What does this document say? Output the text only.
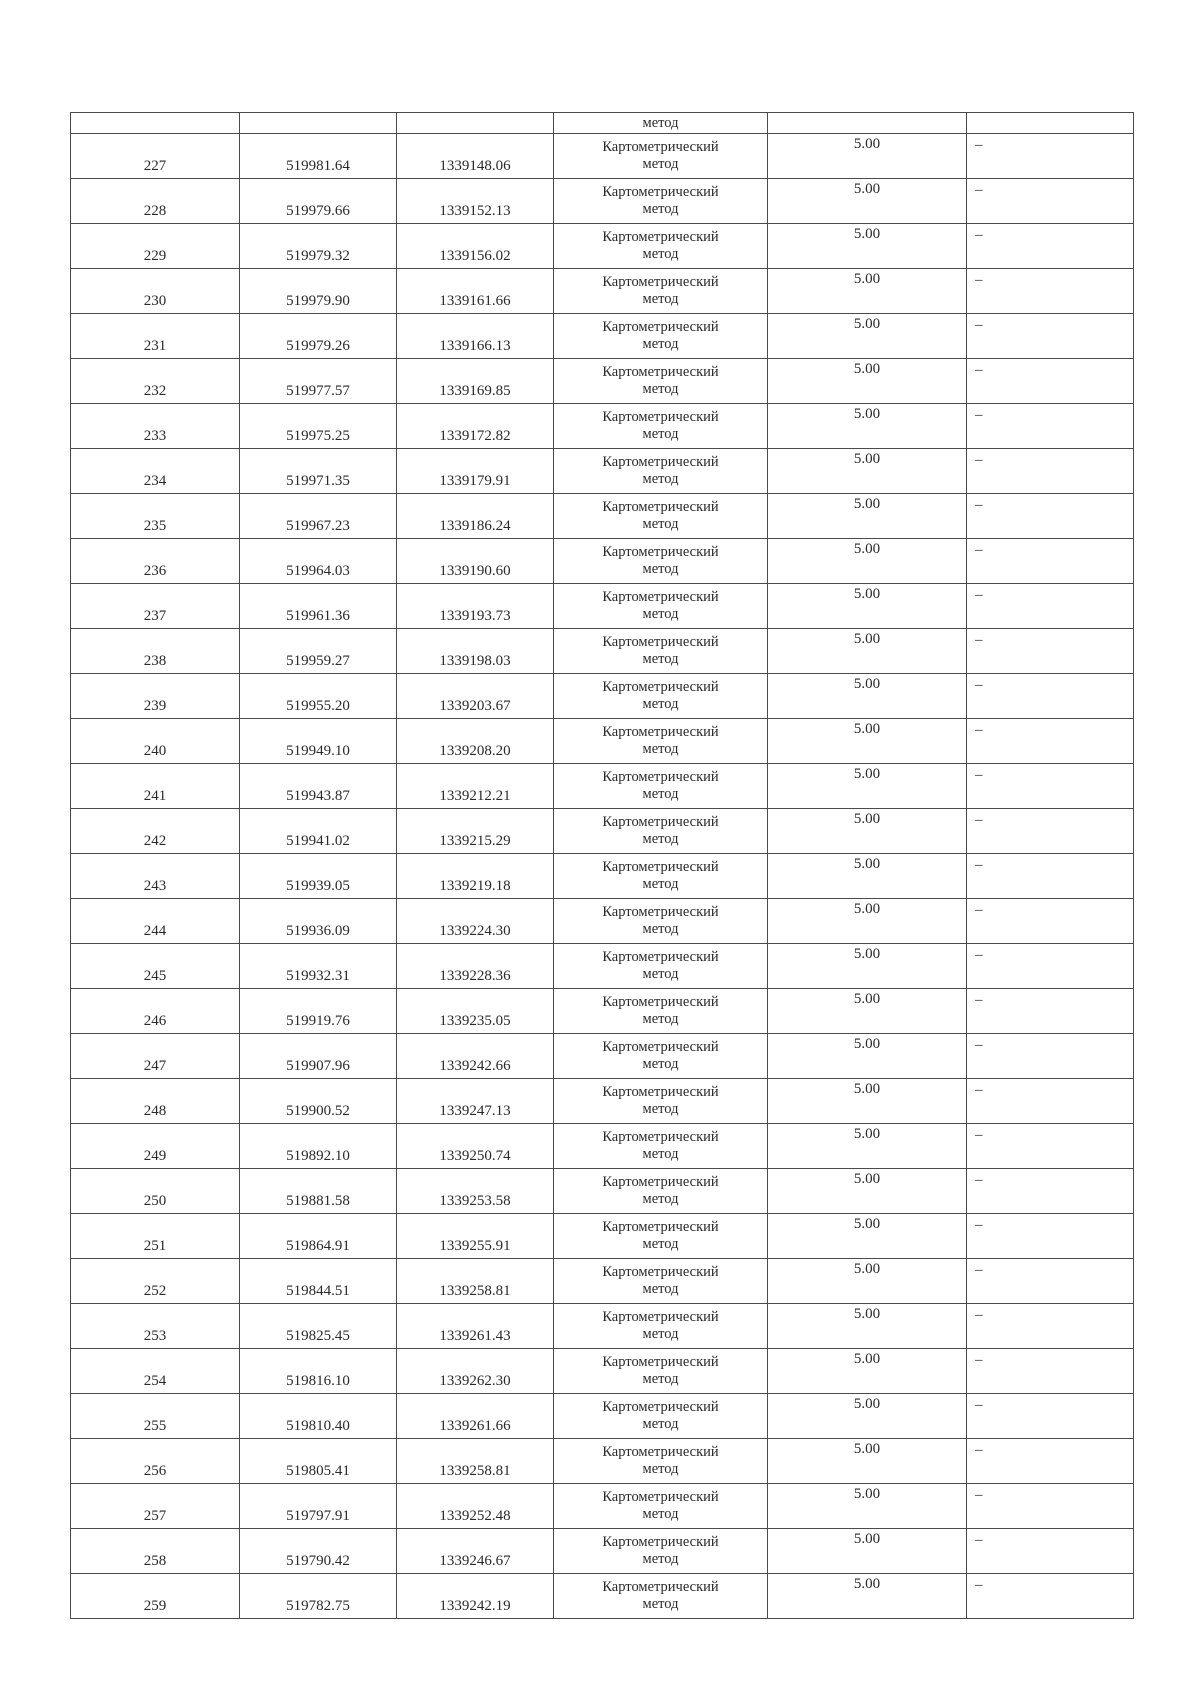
			метод		
227	519981.64	1339148.06	Картометрический
метод	5.00	–
228	519979.66	1339152.13	Картометрический
метод	5.00	–
229	519979.32	1339156.02	Картометрический
метод	5.00	–
230	519979.90	1339161.66	Картометрический
метод	5.00	–
231	519979.26	1339166.13	Картометрический
метод	5.00	–
232	519977.57	1339169.85	Картометрический
метод	5.00	–
233	519975.25	1339172.82	Картометрический
метод	5.00	–
234	519971.35	1339179.91	Картометрический
метод	5.00	–
235	519967.23	1339186.24	Картометрический
метод	5.00	–
236	519964.03	1339190.60	Картометрический
метод	5.00	–
237	519961.36	1339193.73	Картометрический
метод	5.00	–
238	519959.27	1339198.03	Картометрический
метод	5.00	–
239	519955.20	1339203.67	Картометрический
метод	5.00	–
240	519949.10	1339208.20	Картометрический
метод	5.00	–
241	519943.87	1339212.21	Картометрический
метод	5.00	–
242	519941.02	1339215.29	Картометрический
метод	5.00	–
243	519939.05	1339219.18	Картометрический
метод	5.00	–
244	519936.09	1339224.30	Картометрический
метод	5.00	–
245	519932.31	1339228.36	Картометрический
метод	5.00	–
246	519919.76	1339235.05	Картометрический
метод	5.00	–
247	519907.96	1339242.66	Картометрический
метод	5.00	–
248	519900.52	1339247.13	Картометрический
метод	5.00	–
249	519892.10	1339250.74	Картометрический
метод	5.00	–
250	519881.58	1339253.58	Картометрический
метод	5.00	–
251	519864.91	1339255.91	Картометрический
метод	5.00	–
252	519844.51	1339258.81	Картометрический
метод	5.00	–
253	519825.45	1339261.43	Картометрический
метод	5.00	–
254	519816.10	1339262.30	Картометрический
метод	5.00	–
255	519810.40	1339261.66	Картометрический
метод	5.00	–
256	519805.41	1339258.81	Картометрический
метод	5.00	–
257	519797.91	1339252.48	Картометрический
метод	5.00	–
258	519790.42	1339246.67	Картометрический
метод	5.00	–
259	519782.75	1339242.19	Картометрический
метод	5.00	–
